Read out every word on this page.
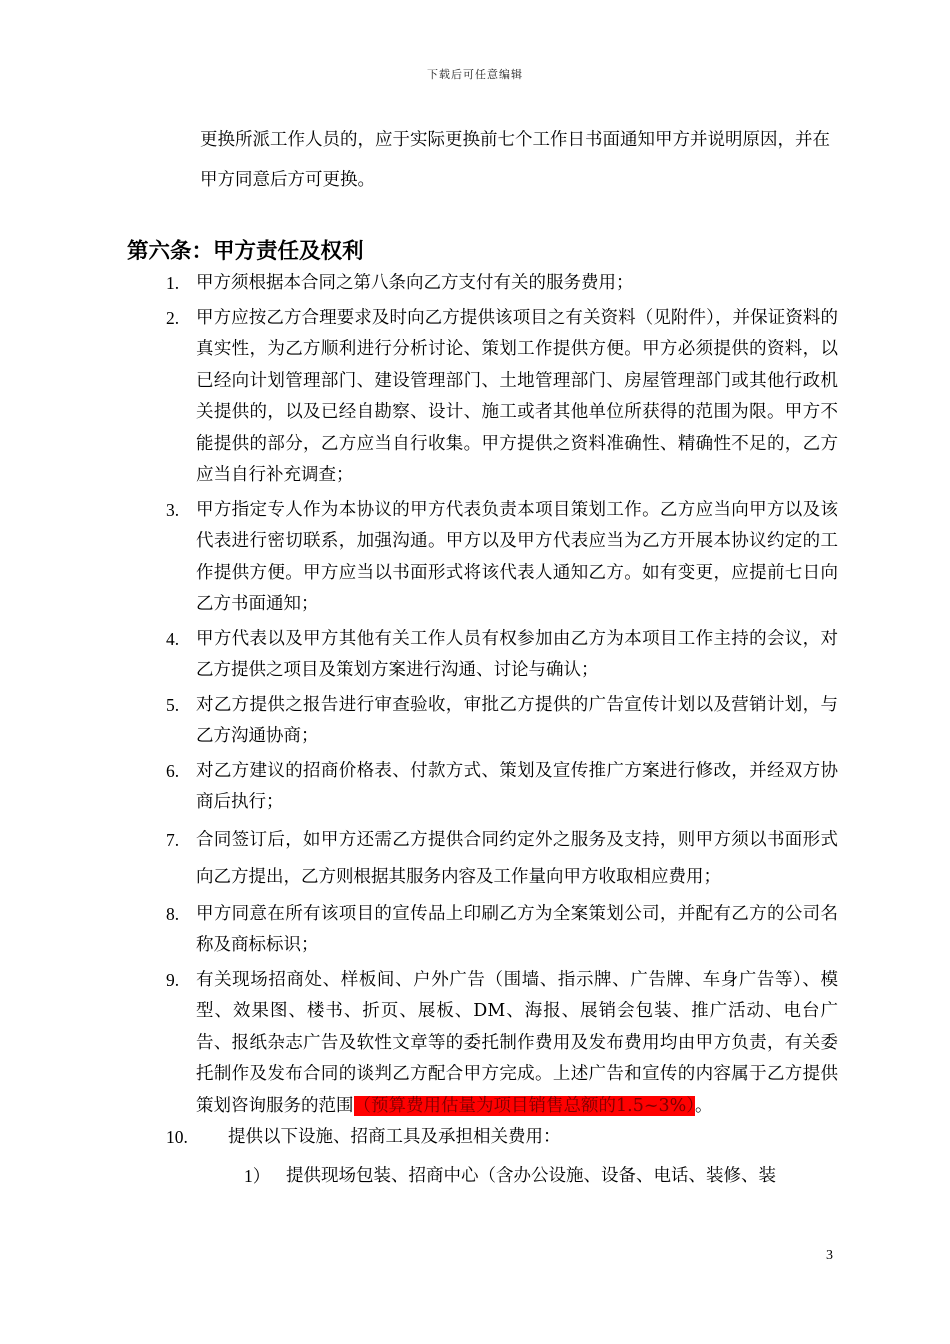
下载后可任意编辑

更换所派工作人员的，应于实际更换前七个工作日书面通知甲方并说明原因，并在甲方同意后方可更换。

第六条：甲方责任及权利
1. 甲方须根据本合同之第八条向乙方支付有关的服务费用；
2. 甲方应按乙方合理要求及时向乙方提供该项目之有关资料（见附件），并保证资料的真实性，为乙方顺利进行分析讨论、策划工作提供方便。甲方必须提供的资料，以已经向计划管理部门、建设管理部门、土地管理部门、房屋管理部门或其他行政机关提供的，以及已经自勘察、设计、施工或者其他单位所获得的范围为限。甲方不能提供的部分，乙方应当自行收集。甲方提供之资料准确性、精确性不足的，乙方应当自行补充调查；
3. 甲方指定专人作为本协议的甲方代表负责本项目策划工作。乙方应当向甲方以及该代表进行密切联系，加强沟通。甲方以及甲方代表应当为乙方开展本协议约定的工作提供方便。甲方应当以书面形式将该代表人通知乙方。如有变更，应提前七日向乙方书面通知；
4. 甲方代表以及甲方其他有关工作人员有权参加由乙方为本项目工作主持的会议，对乙方提供之项目及策划方案进行沟通、讨论与确认；
5. 对乙方提供之报告进行审查验收，审批乙方提供的广告宣传计划以及营销计划，与乙方沟通协商；
6. 对乙方建议的招商价格表、付款方式、策划及宣传推广方案进行修改，并经双方协商后执行；
7. 合同签订后，如甲方还需乙方提供合同约定外之服务及支持，则甲方须以书面形式向乙方提出，乙方则根据其服务内容及工作量向甲方收取相应费用；
8. 甲方同意在所有该项目的宣传品上印刷乙方为全案策划公司，并配有乙方的公司名称及商标标识；
9. 有关现场招商处、样板间、户外广告（围墙、指示牌、广告牌、车身广告等）、模型、效果图、楼书、折页、展板、DM、海报、展销会包装、推广活动、电台广告、报纸杂志广告及软性文章等的委托制作费用及发布费用均由甲方负责，有关委托制作及发布合同的谈判乙方配合甲方完成。上述广告和宣传的内容属于乙方提供策划咨询服务的范围（预算费用估量为项目销售总额的1.5~3%）。
10. 提供以下设施、招商工具及承担相关费用：
1） 提供现场包装、招商中心（含办公设施、设备、电话、装修、装
3
